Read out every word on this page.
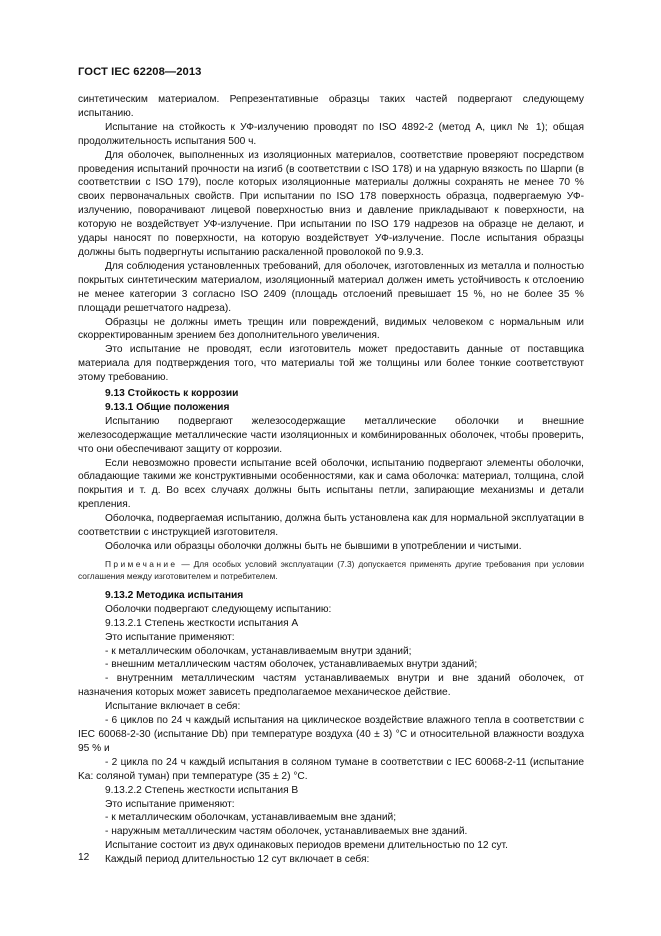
ГОСТ IEC 62208—2013

синтетическим материалом. Репрезентативные образцы таких частей подвергают следующему испытанию.

Испытание на стойкость к УФ-излучению проводят по ISO 4892-2 (метод А, цикл № 1); общая продолжительность испытания 500 ч.

Для оболочек, выполненных из изоляционных материалов, соответствие проверяют посредством проведения испытаний прочности на изгиб (в соответствии с ISO 178) и на ударную вязкость по Шарпи (в соответствии с ISO 179), после которых изоляционные материалы должны сохранять не менее 70 % своих первоначальных свойств. При испытании по ISO 178 поверхность образца, подвергаемую УФ-излучению, поворачивают лицевой поверхностью вниз и давление прикладывают к поверхности, на которую не воздействует УФ-излучение. При испытании по ISO 179 надрезов на образце не делают, и удары наносят по поверхности, на которую воздействует УФ-излучение. После испытания образцы должны быть подвергнуты испытанию раскаленной проволокой по 9.9.3.

Для соблюдения установленных требований, для оболочек, изготовленных из металла и полностью покрытых синтетическим материалом, изоляционный материал должен иметь устойчивость к отслоению не менее категории 3 согласно ISO 2409 (площадь отслоений превышает 15 %, но не более 35 % площади решетчатого надреза).

Образцы не должны иметь трещин или повреждений, видимых человеком с нормальным или скорректированным зрением без дополнительного увеличения.

Это испытание не проводят, если изготовитель может предоставить данные от поставщика материала для подтверждения того, что материалы той же толщины или более тонкие соответствуют этому требованию.

9.13 Стойкость к коррозии

9.13.1 Общие положения

Испытанию подвергают железосодержащие металлические оболочки и внешние железосодержащие металлические части изоляционных и комбинированных оболочек, чтобы проверить, что они обеспечивают защиту от коррозии.

Если невозможно провести испытание всей оболочки, испытанию подвергают элементы оболочки, обладающие такими же конструктивными особенностями, как и сама оболочка: материал, толщина, слой покрытия и т. д. Во всех случаях должны быть испытаны петли, запирающие механизмы и детали крепления.

Оболочка, подвергаемая испытанию, должна быть установлена как для нормальной эксплуатации в соответствии с инструкцией изготовителя.

Оболочка или образцы оболочки должны быть не бывшими в употреблении и чистыми.

Примечание — Для особых условий эксплуатации (7.3) допускается применять другие требования при условии соглашения между изготовителем и потребителем.

9.13.2 Методика испытания

Оболочки подвергают следующему испытанию:

9.13.2.1 Степень жесткости испытания А

Это испытание применяют:

- к металлическим оболочкам, устанавливаемым внутри зданий;

- внешним металлическим частям оболочек, устанавливаемых внутри зданий;

- внутренним металлическим частям устанавливаемых внутри и вне зданий оболочек, от назначения которых может зависеть предполагаемое механическое действие.

Испытание включает в себя:

- 6 циклов по 24 ч каждый испытания на циклическое воздействие влажного тепла в соответствии с IEC 60068-2-30 (испытание Db) при температуре воздуха (40 ± 3) °С и относительной влажности воздуха 95 % и

- 2 цикла по 24 ч каждый испытания в соляном тумане в соответствии с IEC 60068-2-11 (испытание Ka: соляной туман) при температуре (35 ± 2) °С.

9.13.2.2 Степень жесткости испытания В

Это испытание применяют:

- к металлическим оболочкам, устанавливаемым вне зданий;

- наружным металлическим частям оболочек, устанавливаемых вне зданий.

Испытание состоит из двух одинаковых периодов времени длительностью по 12 сут.

Каждый период длительностью 12 сут включает в себя:

12
